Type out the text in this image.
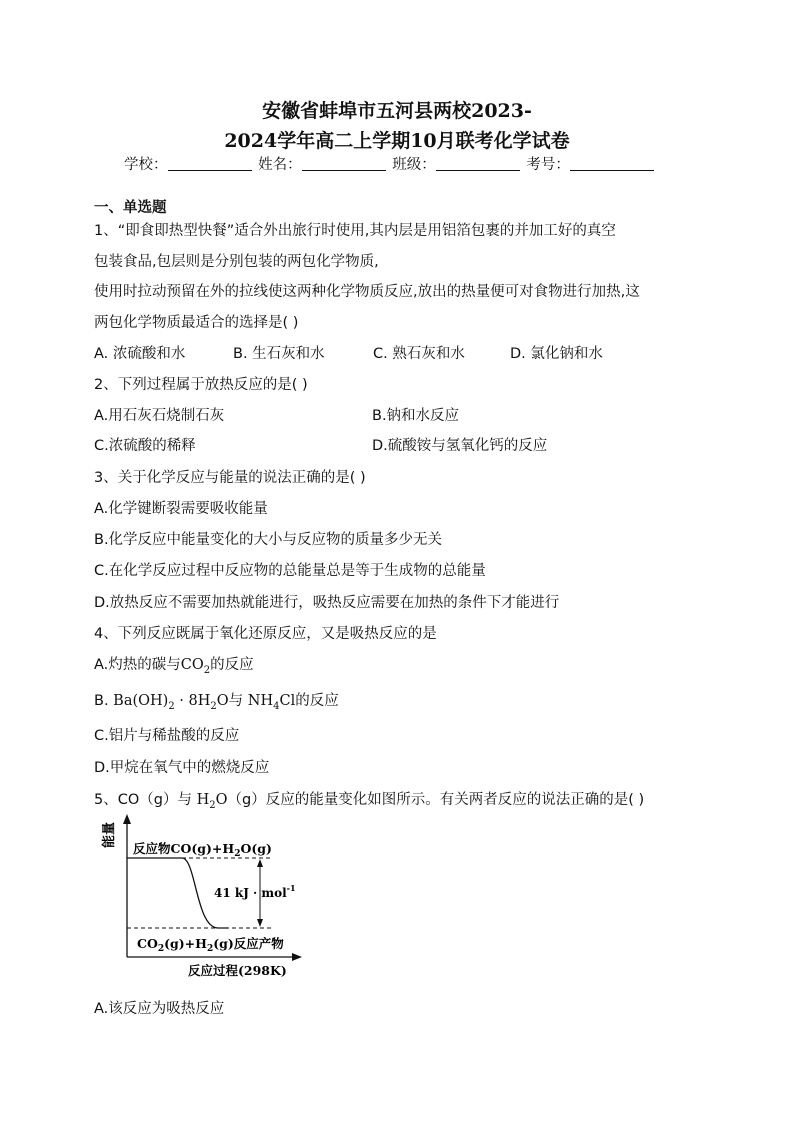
安徽省蚌埠市五河县两校2023-
2024学年高二上学期10月联考化学试卷
学校：	姓名：	班级：	考号：
一、单选题
1、“即食即热型快餐”适合外出旅行时使用,其内层是用铝箔包裹的并加工好的真空
包装食品,包层则是分别包装的两包化学物质,
使用时拉动预留在外的拉线使这两种化学物质反应,放出的热量便可对食物进行加热,这
两包化学物质最适合的选择是( )
A. 浓硫酸和水	B. 生石灰和水	C. 熟石灰和水	D. 氯化钠和水
2、下列过程属于放热反应的是( )
A.用石灰石烧制石灰	B.钠和水反应
C.浓硫酸的稀释	D.硫酸铵与氢氧化钙的反应
3、关于化学反应与能量的说法正确的是( )
A.化学键断裂需要吸收能量
B.化学反应中能量变化的大小与反应物的质量多少无关
C.在化学反应过程中反应物的总能量总是等于生成物的总能量
D.放热反应不需要加热就能进行，吸热反应需要在加热的条件下才能进行
4、下列反应既属于氧化还原反应，又是吸热反应的是
A.灼热的碳与$CO_2$的反应
B. $Ba(OH)_2 \cdot 8H_2O$与 $NH_4Cl$的反应
C.铝片与稀盐酸的反应
D.甲烷在氧气中的燃烧反应
5、CO（g）与 $H_2O(g)$反应的能量变化如图所示。有关两者反应的说法正确的是( )
能量
反应物$CO(g)+H_2O(g)$
41 kJ · mol$^{-1}$
$CO_2(g)+H_2(g)$反应产物
反应过程(298K)
A.该反应为吸热反应
